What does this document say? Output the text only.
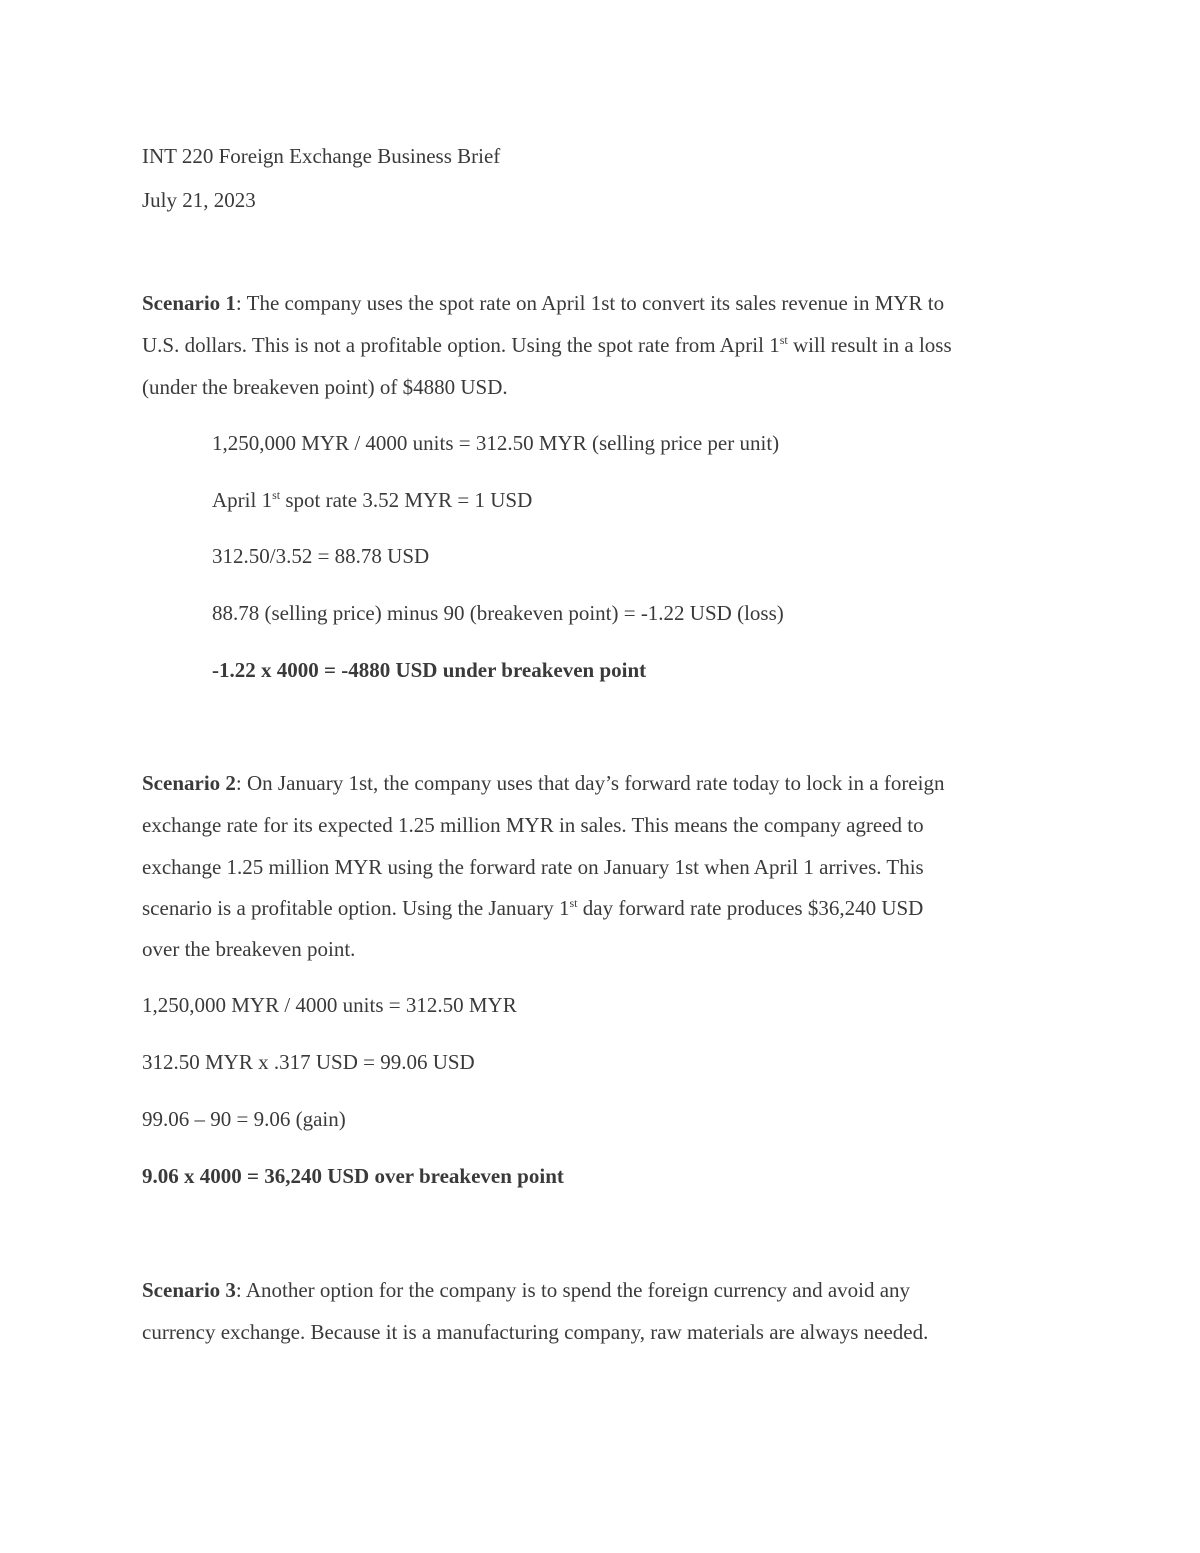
INT 220 Foreign Exchange Business Brief
July 21, 2023
Scenario 1: The company uses the spot rate on April 1st to convert its sales revenue in MYR to
U.S. dollars. This is not a profitable option. Using the spot rate from April 1st will result in a loss
(under the breakeven point) of $4880 USD.
1,250,000 MYR / 4000 units = 312.50 MYR (selling price per unit)
April 1st spot rate 3.52 MYR = 1 USD
312.50/3.52 = 88.78 USD
88.78 (selling price) minus 90 (breakeven point) = -1.22 USD (loss)
-1.22 x 4000 = -4880 USD under breakeven point
Scenario 2: On January 1st, the company uses that day’s forward rate today to lock in a foreign
exchange rate for its expected 1.25 million MYR in sales. This means the company agreed to
exchange 1.25 million MYR using the forward rate on January 1st when April 1 arrives. This
scenario is a profitable option. Using the January 1st day forward rate produces $36,240 USD
over the breakeven point.
1,250,000 MYR / 4000 units = 312.50 MYR
312.50 MYR x .317 USD = 99.06 USD
99.06 – 90 = 9.06 (gain)
9.06 x 4000 = 36,240 USD over breakeven point
Scenario 3: Another option for the company is to spend the foreign currency and avoid any
currency exchange. Because it is a manufacturing company, raw materials are always needed.
